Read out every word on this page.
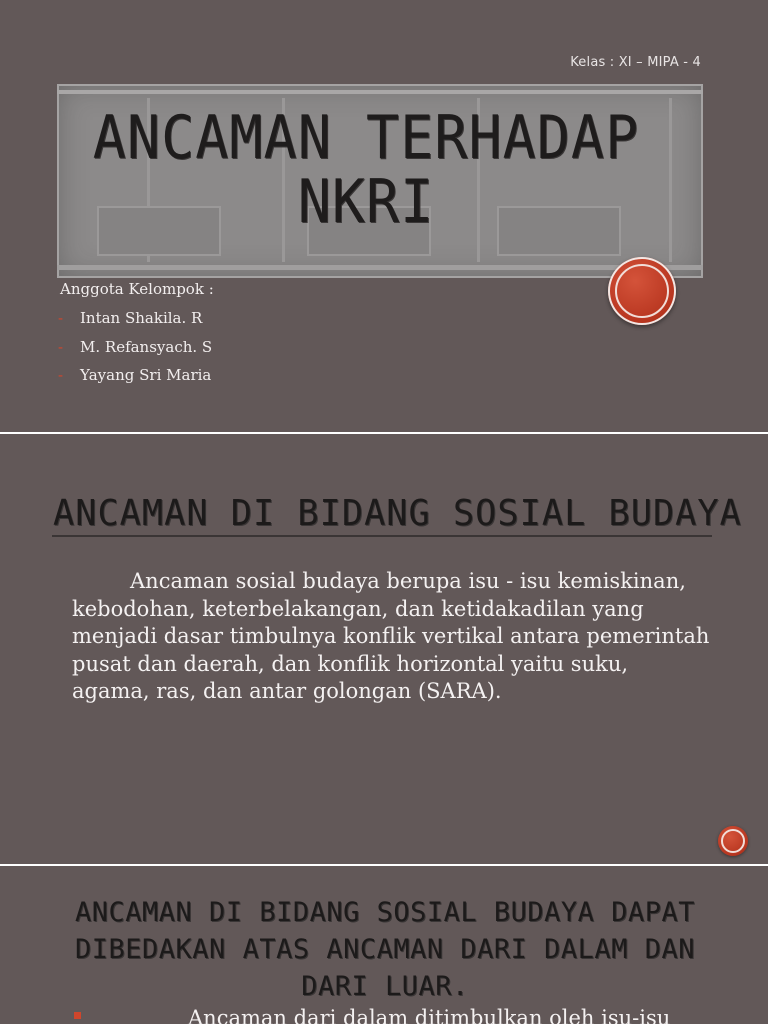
Kelas : XI – MIPA - 4
ANCAMAN TERHADAP NKRI
Anggota Kelompok :
- Intan Shakila. R
- M. Refansyach. S
- Yayang Sri Maria
ANCAMAN DI BIDANG SOSIAL BUDAYA
Ancaman sosial budaya berupa isu - isu kemiskinan, kebodohan, keterbelakangan, dan ketidakadilan yang menjadi dasar timbulnya konflik vertikal antara pemerintah pusat dan daerah, dan konflik horizontal yaitu suku, agama, ras, dan antar golongan (SARA).
ANCAMAN DI BIDANG SOSIAL BUDAYA DAPAT DIBEDAKAN ATAS ANCAMAN DARI DALAM DAN DARI LUAR.
Ancaman dari dalam ditimbulkan oleh isu-isu
